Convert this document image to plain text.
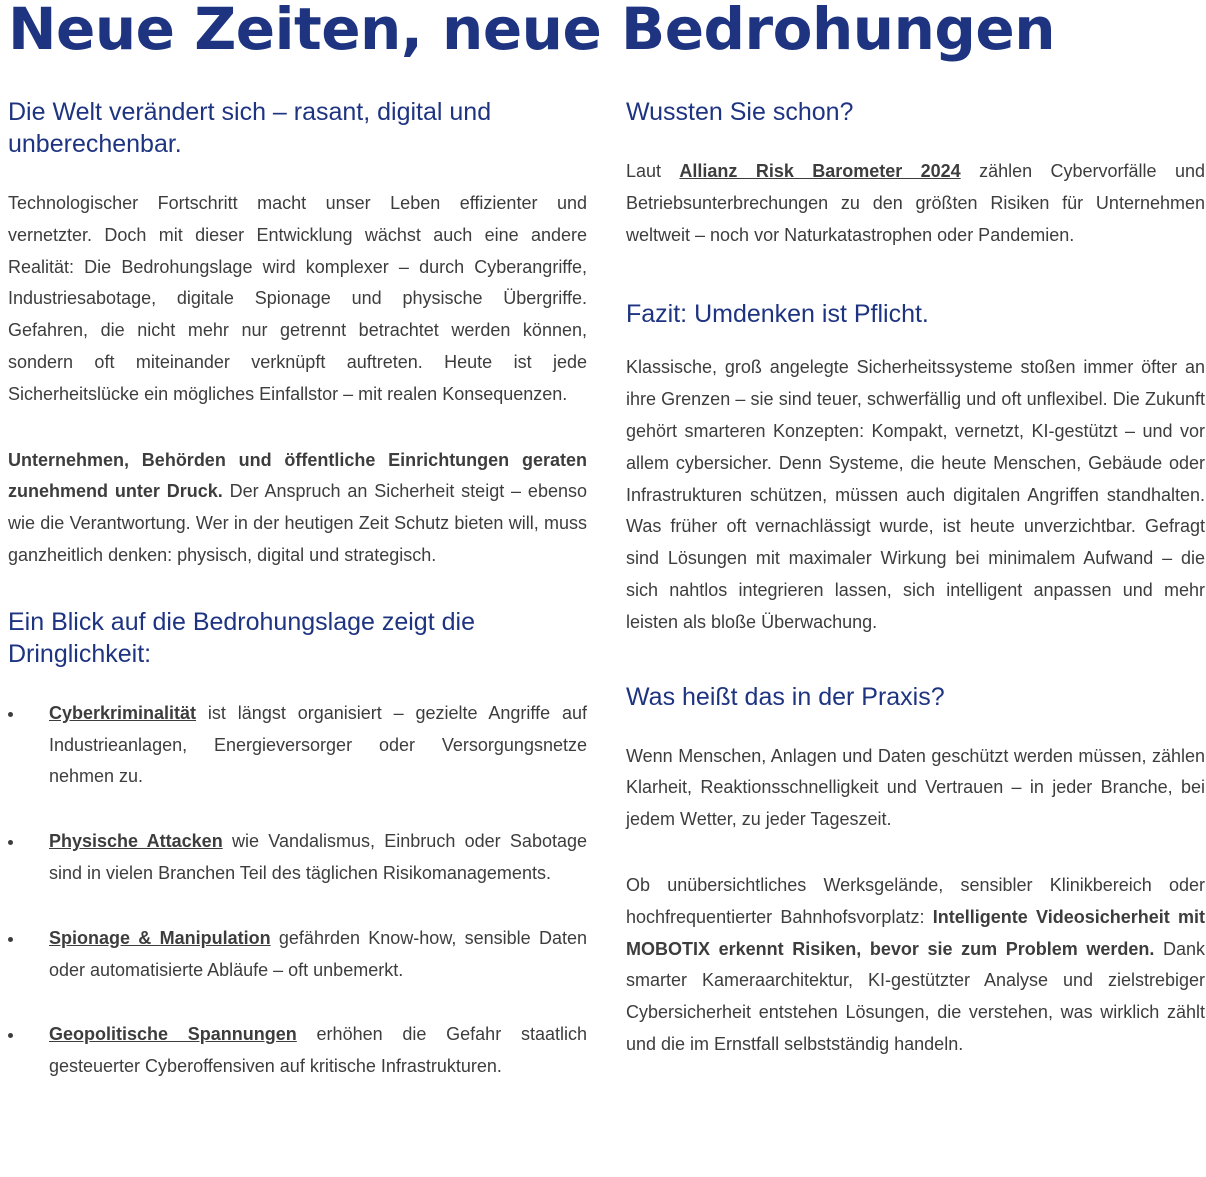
Neue Zeiten, neue Bedrohungen
Die Welt verändert sich – rasant, digital und unberechenbar.

Technologischer Fortschritt macht unser Leben effizienter und vernetzter. Doch mit dieser Entwicklung wächst auch eine andere Realität: Die Bedrohungslage wird komplexer – durch Cyberangriffe, Industriesabotage, digitale Spionage und physische Übergriffe. Gefahren, die nicht mehr nur getrennt betrachtet werden können, sondern oft miteinander verknüpft auftreten. Heute ist jede Sicherheitslücke ein mögliches Einfallstor – mit realen Konsequenzen.

Unternehmen, Behörden und öffentliche Einrichtungen geraten zunehmend unter Druck. Der Anspruch an Sicherheit steigt – ebenso wie die Verantwortung. Wer in der heutigen Zeit Schutz bieten will, muss ganzheitlich denken: physisch, digital und strategisch.

Ein Blick auf die Bedrohungslage zeigt die Dringlichkeit:

Cyberkriminalität ist längst organisiert – gezielte Angriffe auf Industrieanlagen, Energieversorger oder Versorgungsnetze nehmen zu.

Physische Attacken wie Vandalismus, Einbruch oder Sabotage sind in vielen Branchen Teil des täglichen Risikomanagements.

Spionage & Manipulation gefährden Know-how, sensible Daten oder automatisierte Abläufe – oft unbemerkt.

Geopolitische Spannungen erhöhen die Gefahr staatlich gesteuerter Cyberoffensiven auf kritische Infrastrukturen.

Wussten Sie schon?

Laut Allianz Risk Barometer 2024 zählen Cybervorfälle und Betriebsunterbrechungen zu den größten Risiken für Unternehmen weltweit – noch vor Naturkatastrophen oder Pandemien.

Fazit: Umdenken ist Pflicht.

Klassische, groß angelegte Sicherheitssysteme stoßen immer öfter an ihre Grenzen – sie sind teuer, schwerfällig und oft unflexibel. Die Zukunft gehört smarteren Konzepten: Kompakt, vernetzt, KI-gestützt – und vor allem cybersicher. Denn Systeme, die heute Menschen, Gebäude oder Infrastrukturen schützen, müssen auch digitalen Angriffen standhalten. Was früher oft vernachlässigt wurde, ist heute unverzichtbar. Gefragt sind Lösungen mit maximaler Wirkung bei minimalem Aufwand – die sich nahtlos integrieren lassen, sich intelligent anpassen und mehr leisten als bloße Überwachung.

Was heißt das in der Praxis?

Wenn Menschen, Anlagen und Daten geschützt werden müssen, zählen Klarheit, Reaktionsschnelligkeit und Vertrauen – in jeder Branche, bei jedem Wetter, zu jeder Tageszeit.

Ob unübersichtliches Werksgelände, sensibler Klinikbereich oder hochfrequentierter Bahnhofsvorplatz: Intelligente Videosicherheit mit MOBOTIX erkennt Risiken, bevor sie zum Problem werden. Dank smarter Kameraarchitektur, KI-gestützter Analyse und zielstrebiger Cybersicherheit entstehen Lösungen, die verstehen, was wirklich zählt und die im Ernstfall selbstständig handeln.
